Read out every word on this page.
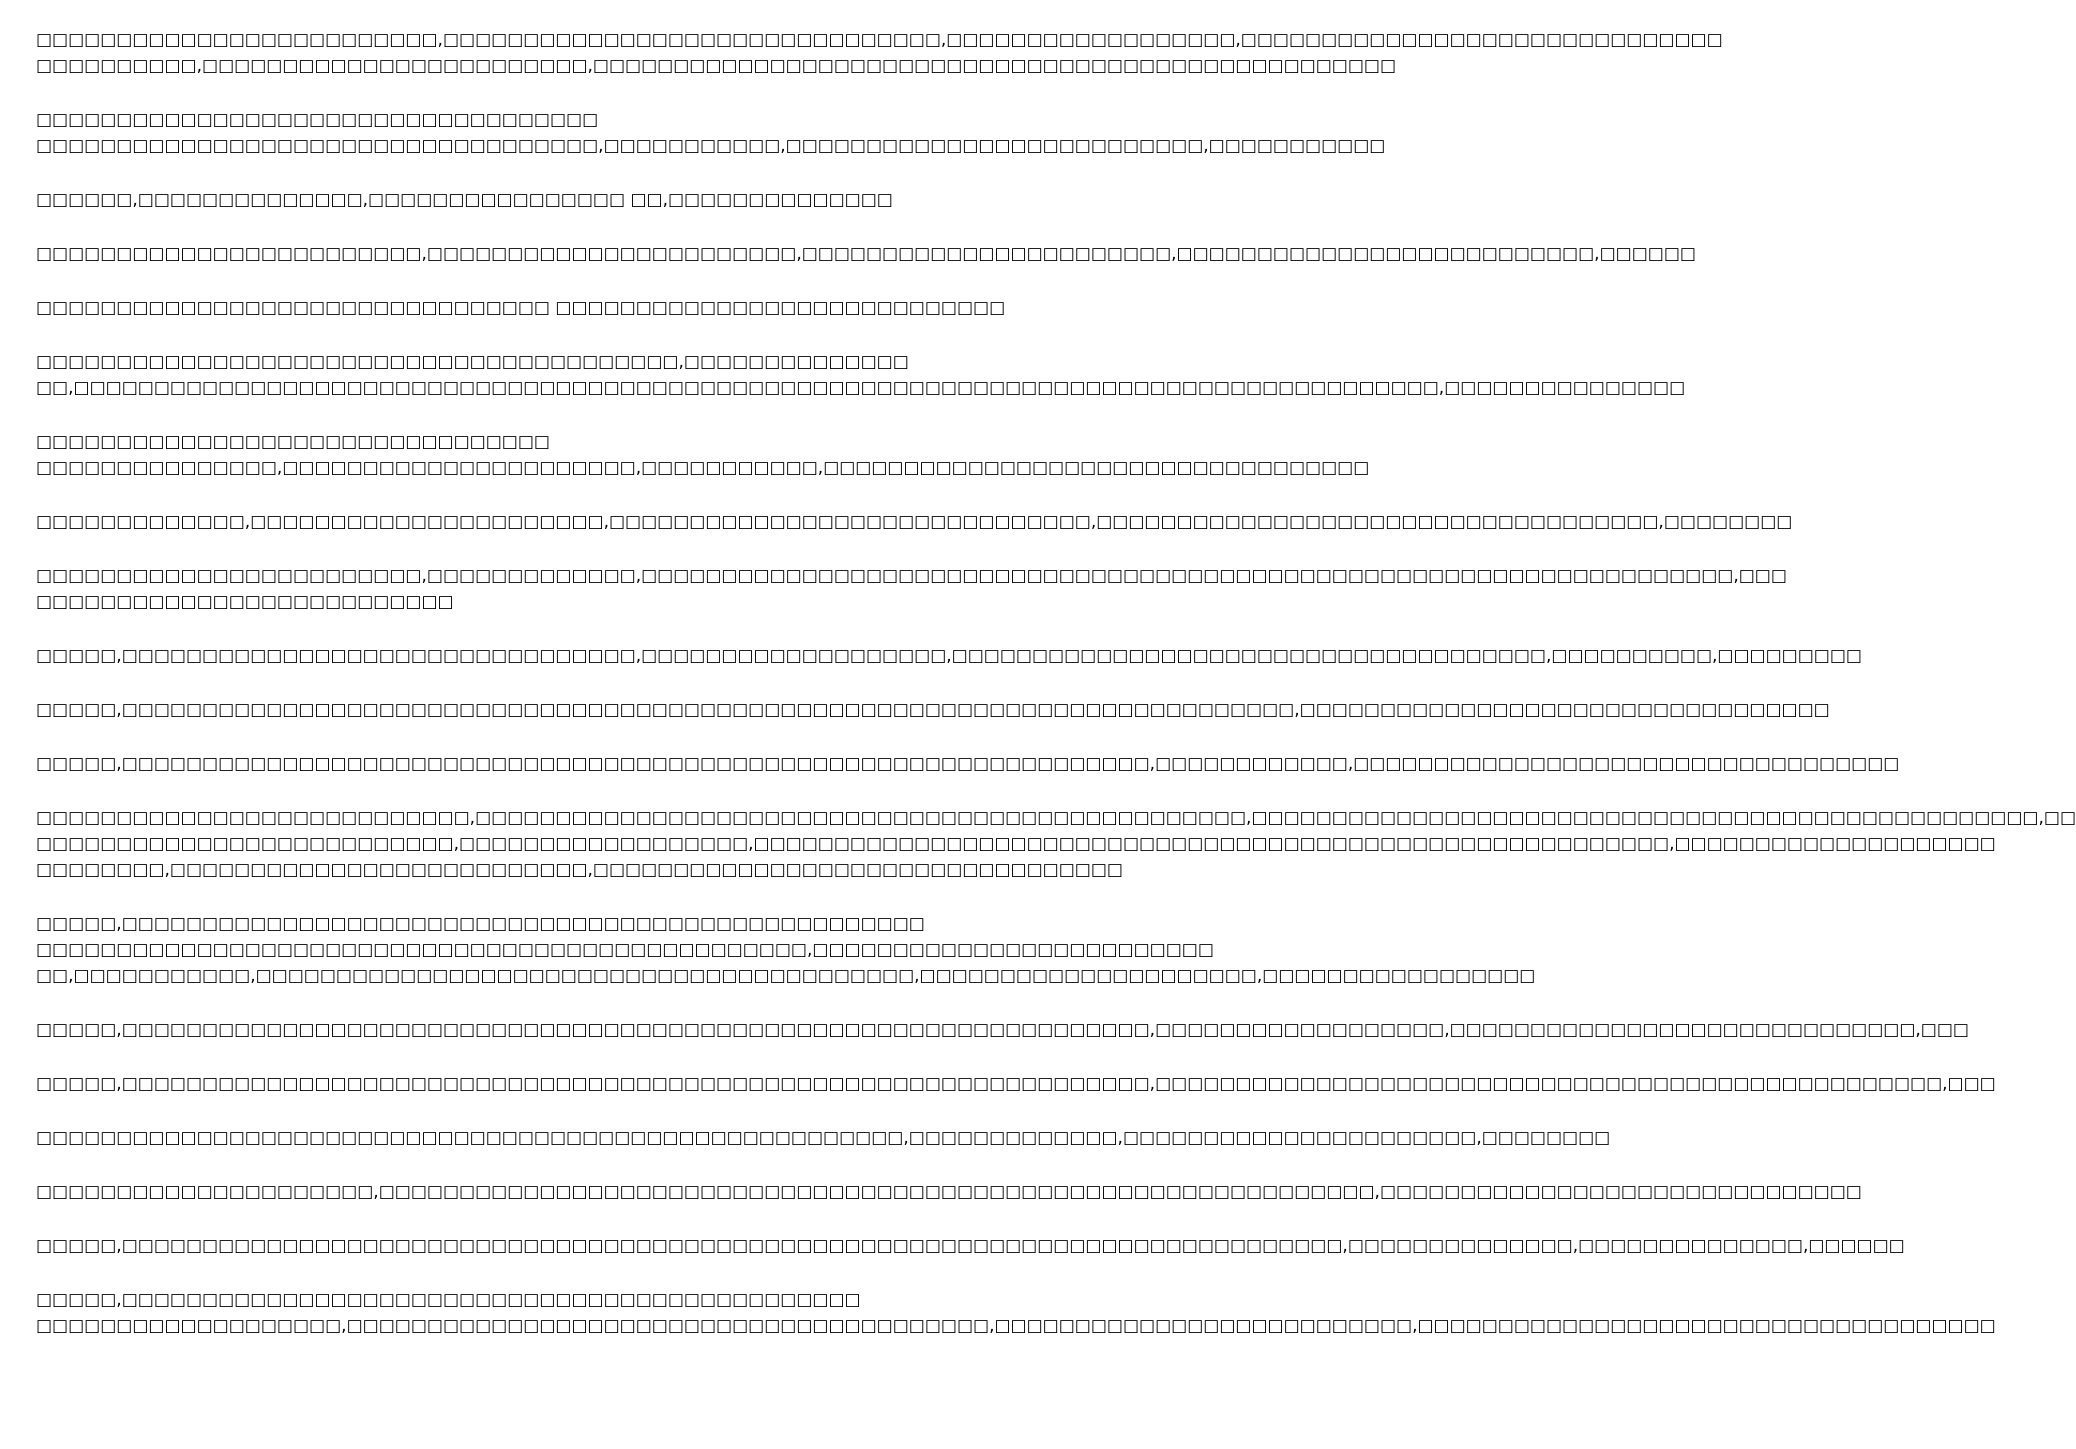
□□□□□□□□□□□□□□□□□□□□□□□□□,□□□□□□□□□□□□□□□□□□□□□□□□□□□□□□□,□□□□□□□□□□□□□□□□□□,□□□□□□□□□□□□□□□□□□□□□□□□□□□□□□
□□□□□□□□□□,□□□□□□□□□□□□□□□□□□□□□□□□,□□□□□□□□□□□□□□□□□□□□□□□□□□□□□□□□□□□□□□□□□□□□□□□□□□
□□□□□□□□□□□□□□□□□□□□□□□□□□□□□□□□□□□
□□□□□□□□□□□□□□□□□□□□□□□□□□□□□□□□□□□,□□□□□□□□□□□,□□□□□□□□□□□□□□□□□□□□□□□□□□,□□□□□□□□□□□
□□□□□□,□□□□□□□□□□□□□□,□□□□□□□□□□□□□□□□ □□,□□□□□□□□□□□□□□
□□□□□□□□□□□□□□□□□□□□□□□□,□□□□□□□□□□□□□□□□□□□□□□□,□□□□□□□□□□□□□□□□□□□□□□□,□□□□□□□□□□□□□□□□□□□□□□□□□□,□□□□□□
□□□□□□□□□□□□□□□□□□□□□□□□□□□□□□□□ □□□□□□□□□□□□□□□□□□□□□□□□□□□□
□□□□□□□□□□□□□□□□□□□□□□□□□□□□□□□□□□□□□□□□,□□□□□□□□□□□□□□
□□,□□□□□□□□□□□□□□□□□□□□□□□□□□□□□□□□□□□□□□□□□□□□□□□□□□□□□□□□□□□□□□□□□□□□□□□□□□□□□□□□□□□□□,□□□□□□□□□□□□□□□
□□□□□□□□□□□□□□□□□□□□□□□□□□□□□□□□
□□□□□□□□□□□□□□□,□□□□□□□□□□□□□□□□□□□□□□,□□□□□□□□□□□,□□□□□□□□□□□□□□□□□□□□□□□□□□□□□□□□□□
□□□□□□□□□□□□□,□□□□□□□□□□□□□□□□□□□□□□,□□□□□□□□□□□□□□□□□□□□□□□□□□□□□□,□□□□□□□□□□□□□□□□□□□□□□□□□□□□□□□□□□□,□□□□□□□□
□□□□□□□□□□□□□□□□□□□□□□□□,□□□□□□□□□□□□□,□□□□□□□□□□□□□□□□□□□□□□□□□□□□□□□□□□□□□□□□□□□□□□□□□□□□□□□□□□□□□□□□□□□□,□□□
□□□□□□□□□□□□□□□□□□□□□□□□□□
□□□□□,□□□□□□□□□□□□□□□□□□□□□□□□□□□□□□□□,□□□□□□□□□□□□□□□□□□□,□□□□□□□□□□□□□□□□□□□□□□□□□□□□□□□□□□□□□,□□□□□□□□□□,□□□□□□□□□
□□□□□,□□□□□□□□□□□□□□□□□□□□□□□□□□□□□□□□□□□□□□□□□□□□□□□□□□□□□□□□□□□□□□□□□□□□□□□□□,□□□□□□□□□□□□□□□□□□□□□□□□□□□□□□□□□
□□□□□,□□□□□□□□□□□□□□□□□□□□□□□□□□□□□□□□□□□□□□□□□□□□□□□□□□□□□□□□□□□□□□□□,□□□□□□□□□□□□,□□□□□□□□□□□□□□□□□□□□□□□□□□□□□□□□□□
□□□□□□□□□□□□□□□□□□□□□□□□□□□,□□□□□□□□□□□□□□□□□□□□□□□□□□□□□□□□□□□□□□□□□□□□□□□□,□□□□□□□□□□□□□□□□□□□□□□□□□□□□□□□□□□□□□□□□□□□□□□□□□,□□
□□□□□□□□□□□□□□□□□□□□□□□□□□,□□□□□□□□□□□□□□□□□□,□□□□□□□□□□□□□□□□□□□□□□□□□□□□□□□□□□□□□□□□□□□□□□□□□□□□□□□□□,□□□□□□□□□□□□□□□□□□□□
□□□□□□□□,□□□□□□□□□□□□□□□□□□□□□□□□□□,□□□□□□□□□□□□□□□□□□□□□□□□□□□□□□□□□
□□□□□,□□□□□□□□□□□□□□□□□□□□□□□□□□□□□□□□□□□□□□□□□□□□□□□□□□
□□□□□□□□□□□□□□□□□□□□□□□□□□□□□□□□□□□□□□□□□□□□□□□□,□□□□□□□□□□□□□□□□□□□□□□□□□
□□,□□□□□□□□□□□,□□□□□□□□□□□□□□□□□□□□□□□□□□□□□□□□□□□□□□□□□,□□□□□□□□□□□□□□□□□□□□□,□□□□□□□□□□□□□□□□□
□□□□□,□□□□□□□□□□□□□□□□□□□□□□□□□□□□□□□□□□□□□□□□□□□□□□□□□□□□□□□□□□□□□□□□,□□□□□□□□□□□□□□□□□□,□□□□□□□□□□□□□□□□□□□□□□□□□□□□□,□□□
□□□□□,□□□□□□□□□□□□□□□□□□□□□□□□□□□□□□□□□□□□□□□□□□□□□□□□□□□□□□□□□□□□□□□□,□□□□□□□□□□□□□□□□□□□□□□□□□□□□□□□□□□□□□□□□□□□□□□□□□,□□□
□□□□□□□□□□□□□□□□□□□□□□□□□□□□□□□□□□□□□□□□□□□□□□□□□□□□□□,□□□□□□□□□□□□□,□□□□□□□□□□□□□□□□□□□□□□,□□□□□□□□
□□□□□□□□□□□□□□□□□□□□□,□□□□□□□□□□□□□□□□□□□□□□□□□□□□□□□□□□□□□□□□□□□□□□□□□□□□□□□□□□□□□□,□□□□□□□□□□□□□□□□□□□□□□□□□□□□□□
□□□□□,□□□□□□□□□□□□□□□□□□□□□□□□□□□□□□□□□□□□□□□□□□□□□□□□□□□□□□□□□□□□□□□□□□□□□□□□□□□□,□□□□□□□□□□□□□□,□□□□□□□□□□□□□□,□□□□□□
□□□□□,□□□□□□□□□□□□□□□□□□□□□□□□□□□□□□□□□□□□□□□□□□□□□□
□□□□□□□□□□□□□□□□□□□,□□□□□□□□□□□□□□□□□□□□□□□□□□□□□□□□□□□□□□□□,□□□□□□□□□□□□□□□□□□□□□□□□□□,□□□□□□□□□□□□□□□□□□□□□□□□□□□□□□□□□□□□
